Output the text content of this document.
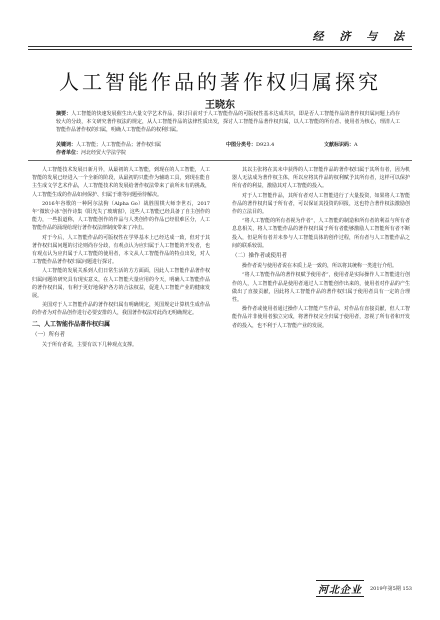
经 济 与 法
人工智能作品的著作权归属探究
王晓东
摘要：人工智能的快速发展催生出大量文学艺术作品，探讨目前对于人工智能作品的可版权性基本达成共识，即是否人工智能作品的著作权归属问题上尚存较大的分歧，本文研究著作权法的规定，从人工智能作品的法律性质出发，探讨人工智能作品著作权归属，以人工智能的所有者、使用者为核心，理清人工智能作品著作权的归属，明确人工智能作品的权利归属。
关键词：人工智能；人工智能作品；著作权归属	中图分类号：D923.4	文献标识码：A
作者单位：河北经贸大学法学院

人工智能技术发展日新月异，从最初的人工智能，到现在的人工智能，人工智能的发展已经进入一个全新的阶段，从最初的只能作为辅助工具，到现在能自主生成文学艺术作品，人工智能技术的发展给著作权法带来了前所未有的挑战，人工智能生成的作品如何保护、归属于谁等问题亟待解决。

2016年谷歌的一种阿尔法狗（Alpha Go）战胜围棋大师李世石，2017年“微软小冰”创作诗集《阳光失了玻璃窗》，这些人工智能已经具备了自主创作的能力，一些报道称，人工智能创作的作品与人类创作的作品已经很难区分，人工智能作品的涌现给现行著作权法律制度带来了冲击。

对于今后，人工智能作品的可版权性在学界基本上已经达成一致，但对于其著作权归属问题的讨论则尚存分歧，有观点认为应归属于人工智能的开发者，也有观点认为应归属于人工智能的使用者，本文从人工智能作品的特点出发，对人工智能作品著作权归属问题进行探讨。

人工智能的发展关系到人们日常生活的方方面面，因此人工智能作品著作权归属问题的研究具有现实意义，在人工智能大量应用的今天，明确人工智能作品的著作权归属，有利于更好地保护各方的合法权益，促进人工智能产业的健康发展。

美国对于人工智能作品的著作权归属有明确规定，英国规定计算机生成作品的作者为对作品创作进行必要安排的人，我国著作权法对此尚无明确规定。

二、人工智能作品著作权归属
（一）所有者

关于所有者说，主要有以下几种观点支撑。

其以主张将在其未中获得的人工智能作品的著作权归属于其所有者，因为机器人无法成为著作权主体，所以应将其作品的权利赋予其所有者，这样可以保护所有者的利益，激励其对人工智能的投入。

对于人工智能作品，其所有者对人工智能进行了大量投资，如果将人工智能作品的著作权归属于所有者，可以保证其投资的回报，这也符合著作权法激励创作的立法目的。

“将人工智能的所有者视为作者”，人工智能的制造和所有者的利益与所有者息息相关，将人工智能作品的著作权归属于所有者能够激励人工智能所有者不断投入，但是所有者并未参与人工智能具体的创作过程，所有者与人工智能作品之间的联系较弱。

（二）操作者或使用者

操作者说与使用者说在本质上是一致的，所以将其统称一类进行介绍。

“将人工智能作品的著作权赋予使用者”，使用者是实际操作人工智能进行创作的人，人工智能作品是使用者通过人工智能创作出来的，使用者对作品的产生做出了直接贡献，因此将人工智能作品的著作权归属于使用者具有一定的合理性。

操作者或使用者通过操作人工智能产生作品，对作品有直接贡献，但人工智能作品并非使用者独立完成，将著作权完全归属于使用者，忽视了所有者和开发者的投入，也不利于人工智能产业的发展。

河北企业	2019年第5期 153
